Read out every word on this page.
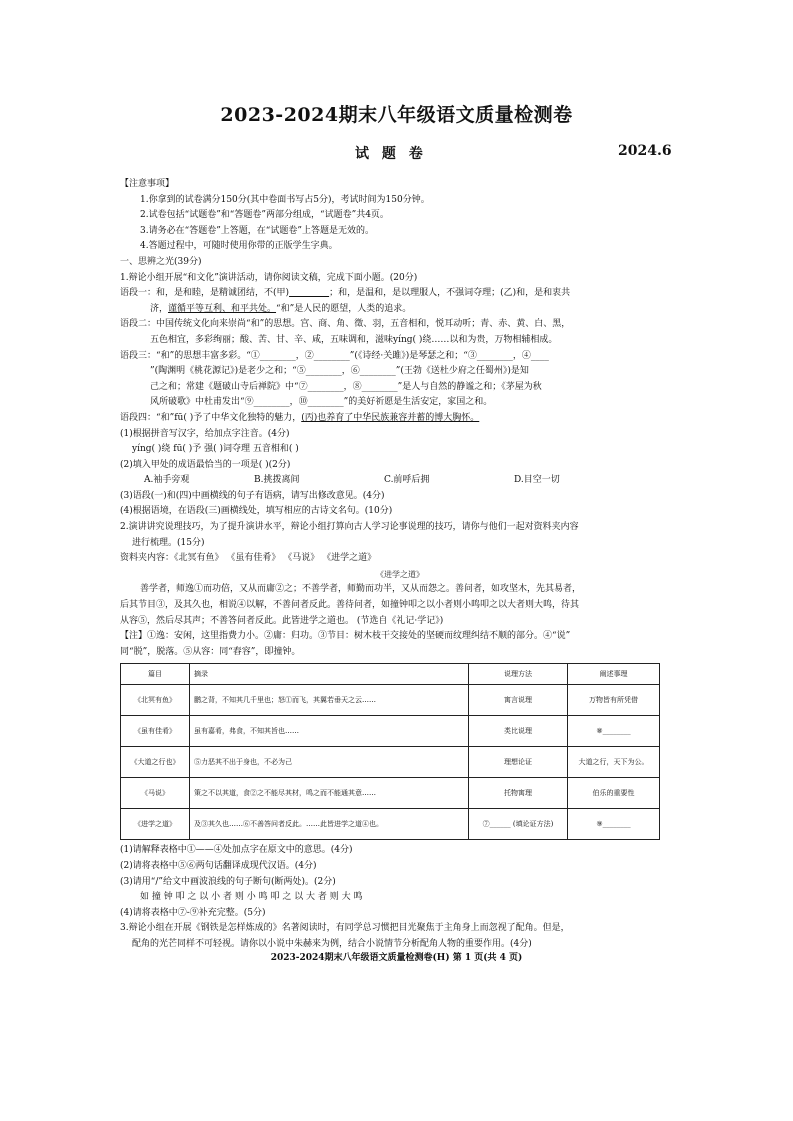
2023-2024期末八年级语文质量检测卷
试 题 卷	2024.6

【注意事项】

1.你拿到的试卷满分150分(其中卷面书写占5分)，考试时间为150分钟。

2.试卷包括“试题卷”和“答题卷”两部分组成，“试题卷”共4页。

3.请务必在“答题卷”上答题，在“试题卷”上答题是无效的。

4.答题过程中，可随时使用你带的正版学生字典。

一、思辨之光(39分)

1.辩论小组开展“和文化”演讲活动，请你阅读文稿，完成下面小题。(20分)

语段一：和，是和睦，是精诚团结，不(甲)	；和，是温和，是以理服人，不强词夺理；(乙)和，是和衷共

济，谨循平等互利、和平共处。“和”是人民的愿望，人类的追求。

语段二：中国传统文化向来崇尚“和”的思想。宫、商、角、徵、羽，五音相和，悦耳动听；青、赤、黄、白、黑，

五色相宜，多彩绚丽；酸、苦、甘、辛、咸，五味调和，滋味yíng( )绕……以和为贵，万物相辅相成。

语段三：“和”的思想丰富多彩。“①________，②________”(《诗经·关雎》)是琴瑟之和；“③________，④____

”(陶渊明《桃花源记》)是老少之和；“⑤________，⑥________”(王勃《送杜少府之任蜀州》)是知

己之和；常建《题破山寺后禅院》中“⑦________，⑧________”是人与自然的静谧之和；《茅屋为秋

风所破歌》中杜甫发出“⑨________，⑩________”的美好祈愿是生活安定，家国之和。

语段四：“和”fū( )予了中华文化独特的魅力，(丙)也养育了中华民族兼容并蓄的博大胸怀。

(1)根据拼音写汉字，给加点字注音。(4分)

yíng( )绕 fū( )予 强( )词夺理 五音相和( )

(2)填入甲处的成语最恰当的一项是( )(2分)

A.袖手旁观	B.挑拨离间	C.前呼后拥	D.目空一切

(3)语段(一)和(四)中画横线的句子有语病，请写出修改意见。(4分)

(4)根据语境，在语段(三)画横线处，填写相应的古诗文名句。(10分)

2.演讲讲究说理技巧，为了提升演讲水平，辩论小组打算向古人学习论事说理的技巧，请你与他们一起对资料夹内容

进行梳理。(15分)

资料夹内容：《北冥有鱼》 《虽有佳肴》 《马说》 《进学之道》

《进学之道》

善学者，师逸①而功倍，又从而庸②之；不善学者，师勤而功半，又从而怨之。善问者，如攻坚木，先其易者，

后其节目③，及其久也，相说④以解，不善问者反此。善待问者，如撞钟叩之以小者则小鸣叩之以大者则大鸣，待其

从容⑤，然后尽其声；不善答问者反此。此皆进学之道也。 (节选自《礼记·学记》)

【注】①逸：安闲，这里指费力小。②庸：归功。③节目：树木枝干交接处的坚硬而纹理纠结不顺的部分。④“说”

同“脱”，脱落。⑤从容：同“舂容”，即撞钟。

篇目	摘录	说理方法	阐述事理
《北冥有鱼》	鹏之背，不知其几千里也；怒①而飞，其翼若垂天之云……	寓言说理	万物皆有所凭借
《虽有佳肴》	虽有嘉肴，弗食，不知其旨也……	类比说理	⑧________
《大道之行也》	⑤力恶其不出于身也，不必为己	理想论证	大道之行，天下为公。
《马说》	策之不以其道，食②之不能尽其材，鸣之而不能通其意……	托物寓理	伯乐的重要性
《进学之道》	及③其久也……⑥不善答问者反此。……此皆进学之道④也。	⑦______ (填论证方法)	⑨________

(1)请解释表格中①——④处加点字在原文中的意思。(4分)

(2)请将表格中⑤⑥两句话翻译成现代汉语。(4分)

(3)请用“/”给文中画波浪线的句子断句(断两处)。(2分)

如 撞 钟 叩 之 以 小 者 则 小 鸣 叩 之 以 大 者 则 大 鸣

(4)请将表格中⑦-⑨补充完整。(5分)

3.辩论小组在开展《钢铁是怎样炼成的》名著阅读时，有同学总习惯把目光聚焦于主角身上而忽视了配角。但是，

配角的光芒同样不可轻视。请你以小说中朱赫来为例，结合小说情节分析配角人物的重要作用。(4分)

2023-2024期末八年级语文质量检测卷(H) 第 1 页(共 4 页)
